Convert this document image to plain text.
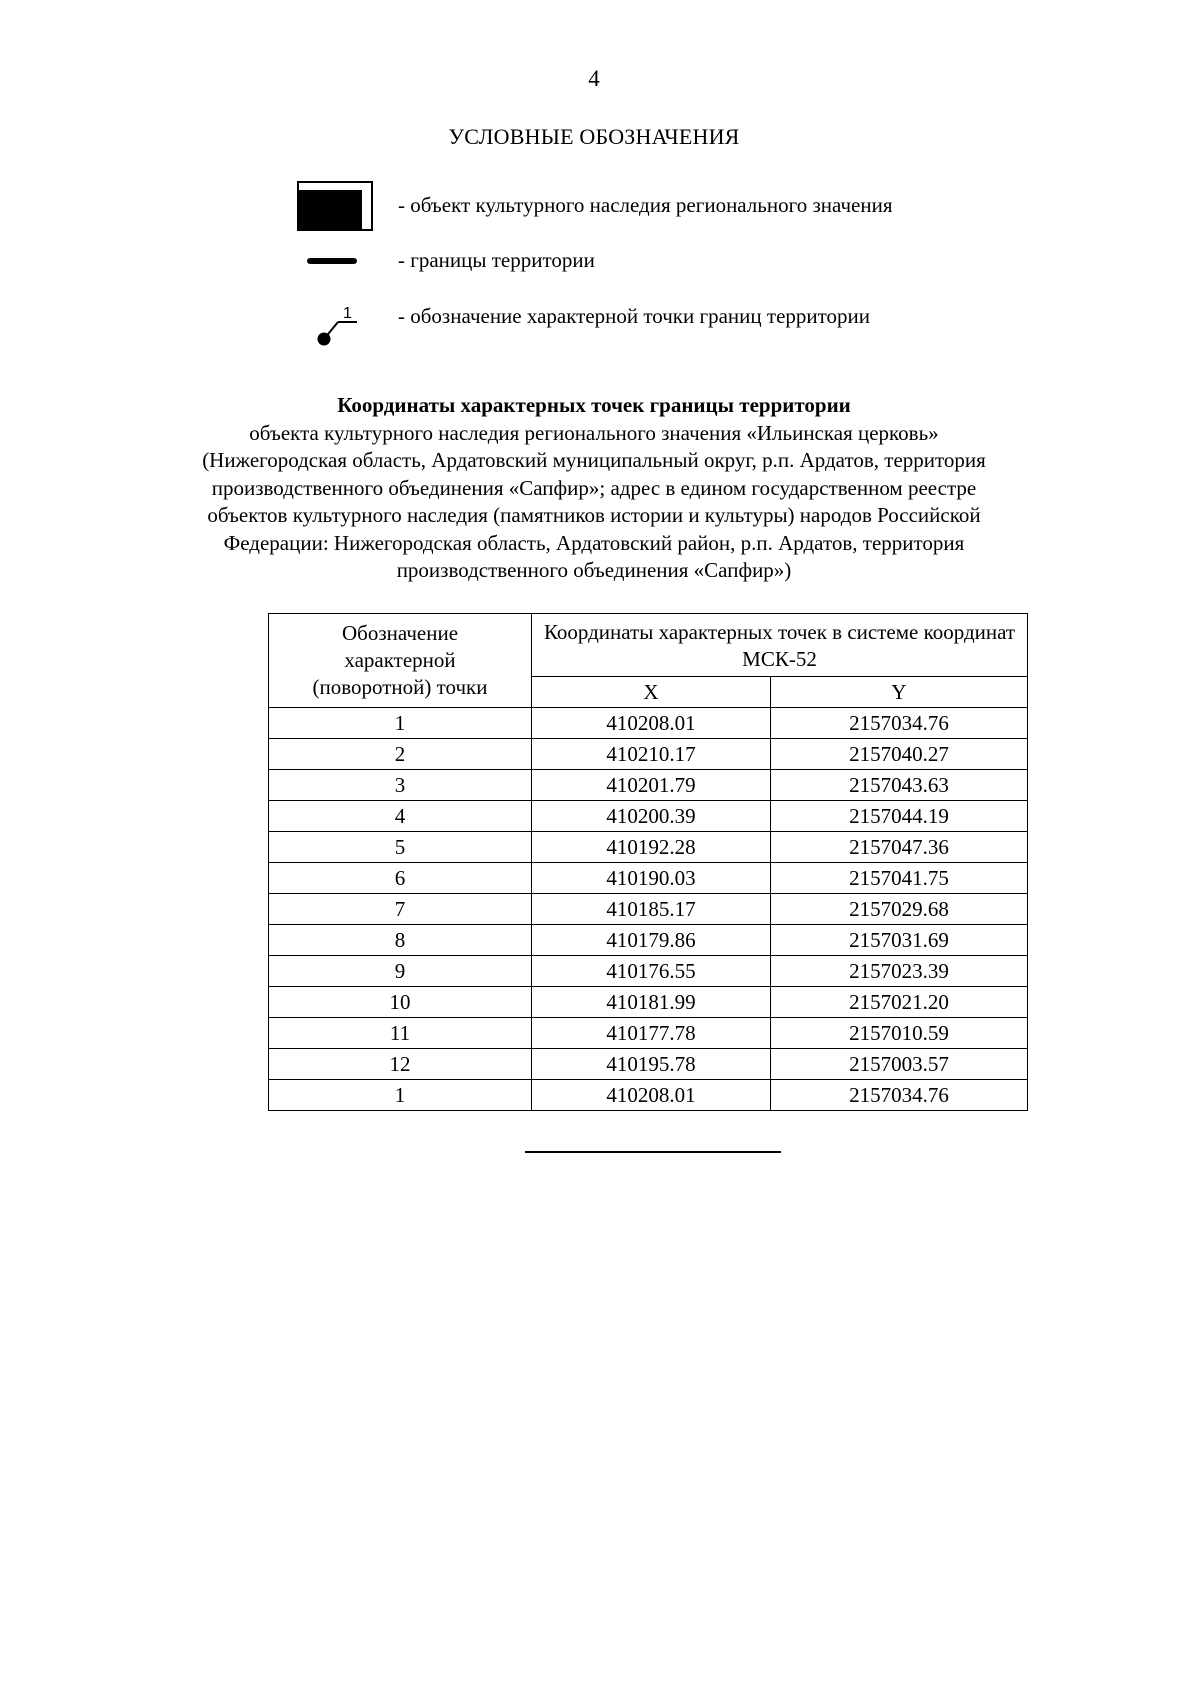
4
УСЛОВНЫЕ ОБОЗНАЧЕНИЯ
- объект культурного наследия регионального значения
- границы территории
1 - обозначение характерной точки границ территории
Координаты характерных точек границы территории
объекта культурного наследия регионального значения «Ильинская церковь»
(Нижегородская область, Ардатовский муниципальный округ, р.п. Ардатов, территория
производственного объединения «Сапфир»; адрес в едином государственном реестре
объектов культурного наследия (памятников истории и культуры) народов Российской
Федерации: Нижегородская область, Ардатовский район, р.п. Ардатов, территория
производственного объединения «Сапфир»)
Обозначение
характерной
(поворотной) точки	Координаты характерных точек в системе координат МСК-52	
	X	Y
1	410208.01	2157034.76
2	410210.17	2157040.27
3	410201.79	2157043.63
4	410200.39	2157044.19
5	410192.28	2157047.36
6	410190.03	2157041.75
7	410185.17	2157029.68
8	410179.86	2157031.69
9	410176.55	2157023.39
10	410181.99	2157021.20
11	410177.78	2157010.59
12	410195.78	2157003.57
1	410208.01	2157034.76
